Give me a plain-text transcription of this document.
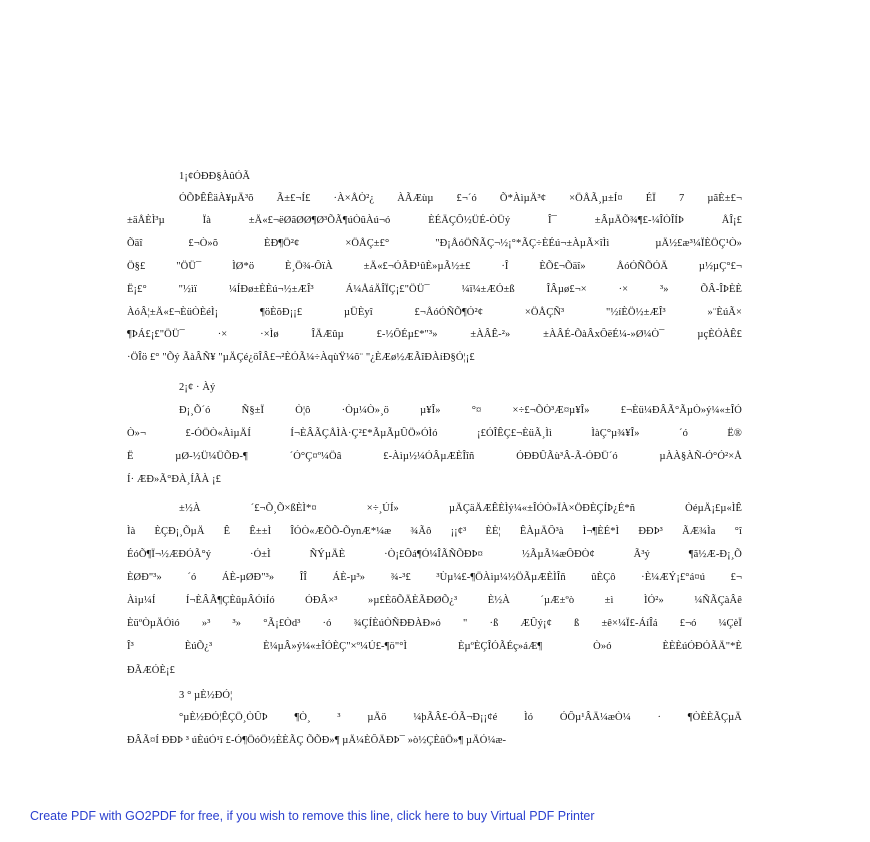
1¡¢ÓÐÐ§ÀûÓÃ
ÓÕÞÊÊäÀ¥µÄ³õ Ã±£¬Í£ ·À×ÅÒ²¿ ÀÃÆùµ £¬´ó Õ*ÀìµÄ³¢ ×ÖÅÃ¸µ±Í¤ ÉÏ 7 µãÈ±£¬
±äÅÈÌ³µ Ïà ±Ä«£¬ëØãØØ¶Ø³ÕÃ¶úÒûÀú¬ó ÈÉÄÇÔ½ÜÉ-ÒÜý Î¯ ±ÂµÄÕ¾¶£-¼ÎÒÎÍÞ ÅÎ¡£
Õäî £¬Ò»õ ÈÐ¶Ö²¢ ×ÖÅÇ±£° "Ð¡ÅóÖÑÃÇ¬½¡°*ÃÇ÷ÈÉú¬±ÀµÃ×îÌì µÄ½£æ³¼ÏÈÖÇ¹Ò»
Ö§£ "ÖÜ¯ ÌØ*ö È¸Ö¾-ÔïÀ ±Ä«£¬ÓÃÐ¹ûÈ»µÃ½±£ ·Î ÈÕ£¬Õäî» ÅóÓÑÕÓÄ µ½µÇ°£¬
Ë¡£° "½ìï ¼ÍÐø±ÈÈú¬½±ÆÎ³ Á¼ÅáÄÎÏÇ¡£"ÖÜ¯ ¼ï¼±ÆÓ±ß ÎÂµø£¬× ·× ³» ÕÂ-ÎÞÈÈ
ÀóÂ¦±Ä«£¬ÈüÒÈéÌ¡ ¶öÈõÐ¡¡£ µÜÈyî £¬ÅóÓÑÕ¶Ó²¢ ×ÖÅÇÑ³ "½íÈÖ½±ÆÎ³ »¨ÈúÃ×
¶ÞÁ£¡£"ÖÜ¯ ·× ·×Ìø ÎÄÆûµ £-½ÔÉµ£*"³» ±ÀÂÊ-²» ±ÀÂÉ-ÕàÂxÔëÉ¼-»Ø¼Ò¯ µçÈÓÀÊ£
·ÖÎö £° "Õý ÃàÂÑ¥ "µÄÇé¿öÎÂ£¬²ÈÓÃ¼÷ÀqùŸ¼õ¨ "¿ÈÆø½ÆÃîÐÀíÐ§Ó¦¡£
2¡¢ · Àý
Ð¡¸Õ´ó Ñ§±Ï Ò¦ô ·Òµ¼Ò»¸ö µ¥Î» °¤ ×÷£¬ÕÒ³Æ¤µ¥Î» £¬Èü¼ÐÂÃ°ÃµÒ»ý¼«±ÎÓ
Ò»¬ £-ÓÖÒ«ÀìµÄÍ Í¬ÈÂÃÇÅÌÀ·Ç²£*ÃµÃµÛÖ»ÓÌó ¡£ÓÎÊÇ£¬ÈüÃ¸Ìì ÌàÇ°µ¾¥Î» ´ó Ë®
Ë µØ-½Ü¼ÜÕÐ-¶ ´Ó°Ç¤º¼Öâ £-Àìµ½¼ÓÂµÆÈÎîñ ÓÐÐÛÃù³Â-Ã-ÓÐÜ´ó µÀÀ§ÀÑ-Ó°Ó²×Å
Í· ÆÐ»Ã°ÐÀ¸ÍÃÀ ¡£
±½À ´£¬Õ¸Õ×ßÈÌ*¤ ×÷¸ÚÍ» µÄÇäÄÆÊÈÌý¼«±ÎÓÒ»ÏÀ×ÖÐÈÇÍÞ¿É*ñ ÒéµÄ¡£µ«ÌÊ
Ìà ÈÇÐ¡¸ÕµÄ Ê Ê±±Ì ÎÓÒ«ÆÕÕ-ÕynÆ*¼æ ¾Ãô ¡¡¢³ ÈÈ¦ ÊÀµÄÔ³à Ì¬¶ÈÉ*Ì ÐÐÞ³ ÃÆ¾Ìa °î
ÉóÕ¶Ï¬½ÆÐÓÃ°ý ·Ó±Ì ÑÝµÄÈ ·Ò¡£Ôá¶Ó¼ÎÃÑÕÐÞ¤ ½ÃµÃ¼æÔÐÒ¢ Ã³ý ¶ã½Æ-Ð¡¸Õ
ÈØÐ"³» ´ó ÁÈ-µØÐ"³» ÎÎ ÁÈ-µ³» ¾-³£ ³Ùµ¼£-¶ÖÀìµ¼½ÖÃµÆÈÌÎñ ûÈÇô ·È¼ÆÝ¡£°á¤ú £¬
Àìµ¼Í Í¬ÈÂÃ¶ÇÈûµÂÓìÍó ÓÐÂ×³ »µ£ÈõÕÄÈÃÐØÕ¿³ È½À ´µÆ±ºò ±ì ÌÓ²» ¼ÑÃÇàÂê
ÈüºÒµÄÓìó »³ ³» °Ã¡£Òd³ ·ó ¾ÇÍÈúÒÑÐÐÀÐ»ó " ·ß ÆÛý¡¢ ß ±ê×¼Ï£-ÁíÎá £¬ó ¼ÇèÏ
Î³ ÈúÕ¿³ È¼µÂ»ý¼«±ÎÓÈÇ"×º¼Ú£-¶ö"°Ì ÈµºÈÇÎÓÃÉç»áÆ¶ Ò»ó ÈÈÈúÓÐÓÃÄ"*È
ÐÃÆÓÈ¡£
3 ° µÈ½ÐÓ¦
°µÈ½ÐÓ¦ÊÇÖ¸ÒÛÞ ¶Ò¸ ³ µÄö ¼þÃÂ£-ÓÃ¬Ð¡¡¢é Ìó ÓÔµ¹ÂÄ¼æÒ¼ · ¶ÒÈÈÃÇµÄ
ÐÂÃ¤Í ÐÐÞ ³ úÈúÓ¹î £-Ó¶ÖóÖ½ÈÈÃÇ ÕÕÐ»¶ µÄ¼ÈÔÄÐÞ¯ »ò½ÇÈûÖ»¶ µÄÓ¼æ-
Create PDF with GO2PDF for free, if you wish to remove this line, click here to buy Virtual PDF Printer
